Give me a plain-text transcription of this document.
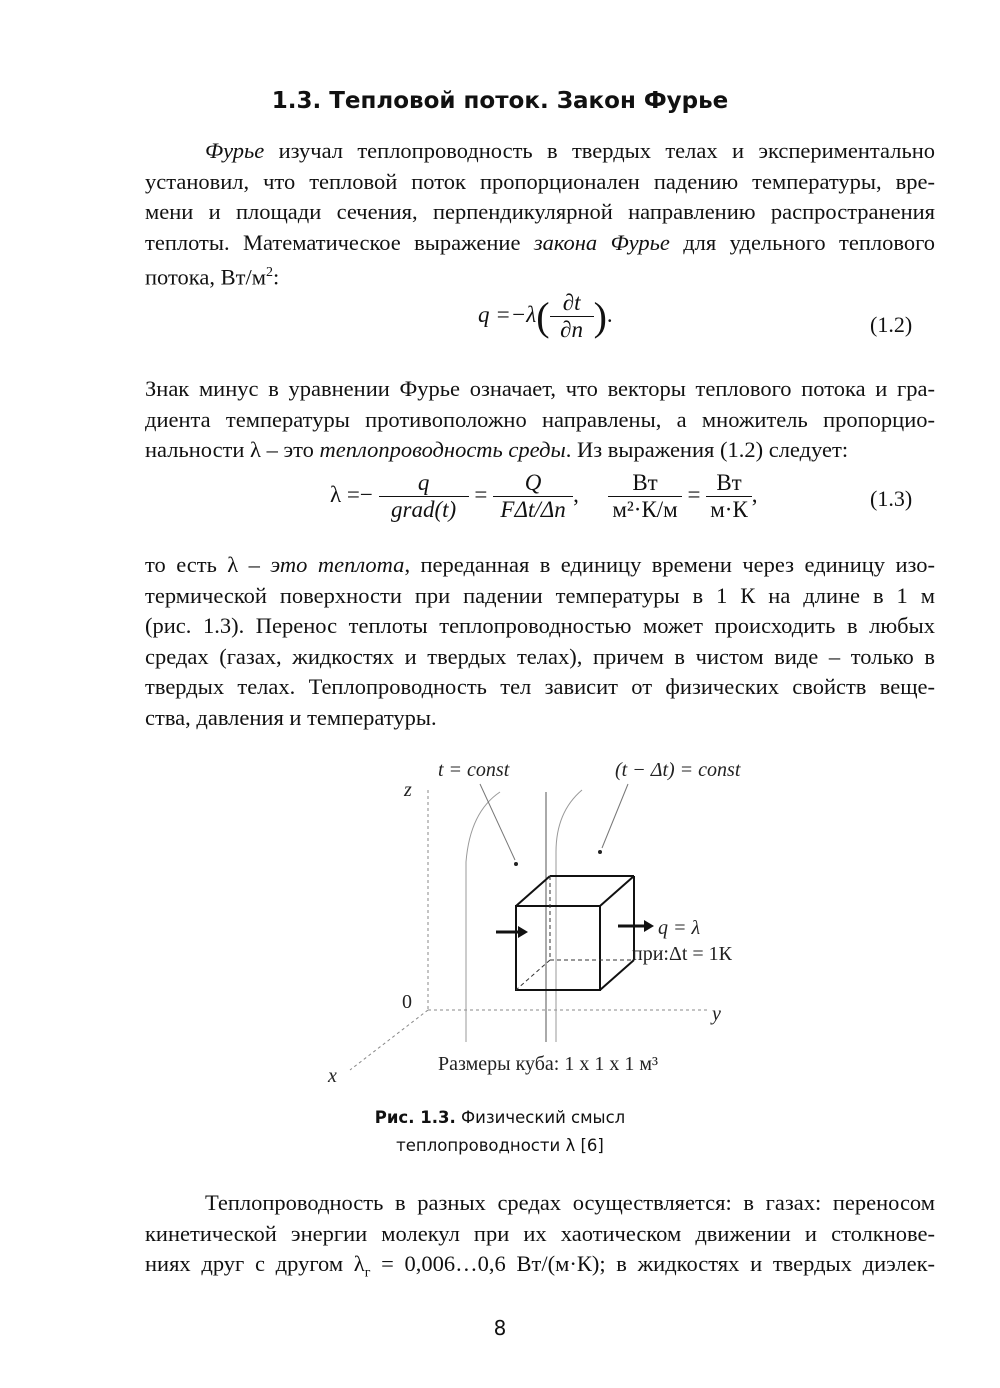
1.3. Тепловой поток. Закон Фурье
Фурье изучал теплопроводность в твердых телах и экспериментально
установил, что тепловой поток пропорционален падению температуры, вре-
мени и площади сечения, перпендикулярной направлению распространения
теплоты. Математическое выражение закона Фурье для удельного теплового
потока, $Вт/м^2$:
$q =-\lambda( \frac{\partial t}{\partial n}$ ).	(1.2)
Знак минус в уравнении Фурье означает, что векторы теплового потока и гра-
диента температуры противоположно направлены, а множитель пропорцио-
нальности λ – это теплопроводность среды. Из выражения (1.2) следует:
$\lambda =- \frac{q}{\text{grad(t)}} = \frac{Q}{\text{FΔt/Δn}}$ , $\frac{Вт}{\text{м²·К/м}} = \frac{Вт}{м\cdot К}$ ,	(1.3)
то есть λ – это теплота, переданная в единицу времени через единицу изо-
термической поверхности при падении температуры в 1 К на длине в 1 м
(рис. 1.3). Перенос теплоты теплопроводностью может происходить в любых
средах (газах, жидкостях и твердых телах), причем в чистом виде – только в
твердых телах. Теплопроводность тел зависит от физических свойств веще-
ства, давления и температуры.
t = const	(t − Δt) = const
z
y
x
0
q = λ
при:Δt = 1К
Размеры куба: 1 х 1 х 1 м³
Рис. 1.3. Физический смысл
теплопроводности λ [6]
Теплопроводность в разных средах осуществляется: в газах: переносом
кинетической энергии молекул при их хаотическом движении и столкнове-
ниях друг с другом $\lambda_г$ = 0,006…0,6 Вт/(м·К); в жидкостях и твердых диэлек-
8
